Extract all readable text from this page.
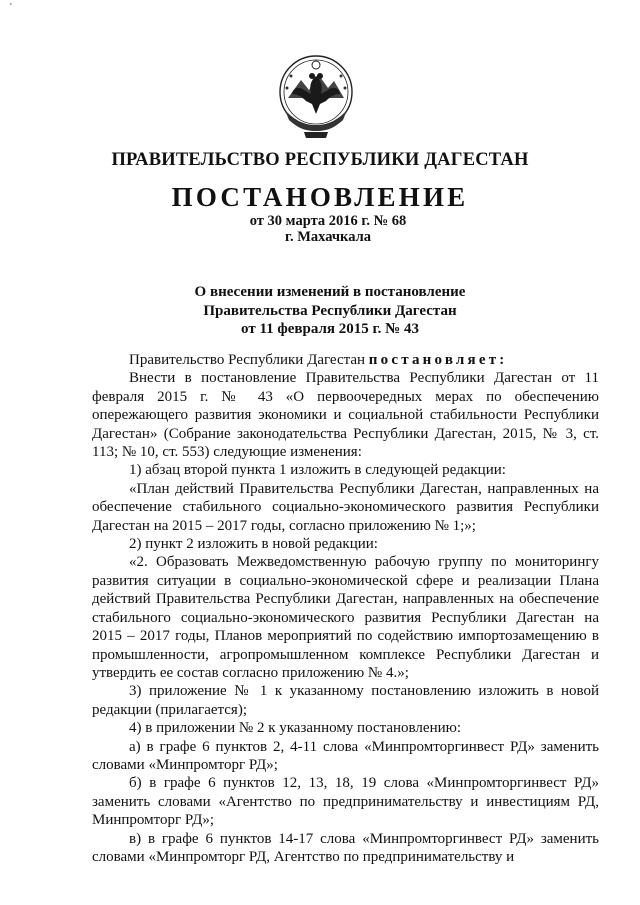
'
ПРАВИТЕЛЬСТВО РЕСПУБЛИКИ ДАГЕСТАН
ПОСТАНОВЛЕНИЕ
от 30 марта 2016 г. № 68
г. Махачкала
О внесении изменений в постановление
Правительства Республики Дагестан
от 11 февраля 2015 г. № 43

Правительство Республики Дагестан постановляет:

Внести в постановление Правительства Республики Дагестан от 11 февраля 2015 г. № 43 «О первоочередных мерах по обеспечению опережающего развития экономики и социальной стабильности Республики Дагестан» (Собрание законодательства Республики Дагестан, 2015, № 3, ст. 113; № 10, ст. 553) следующие изменения:

1) абзац второй пункта 1 изложить в следующей редакции:

«План действий Правительства Республики Дагестан, направленных на обеспечение стабильного социально-экономического развития Республики Дагестан на 2015 – 2017 годы, согласно приложению № 1;»;

2) пункт 2 изложить в новой редакции:

«2. Образовать Межведомственную рабочую группу по мониторингу развития ситуации в социально-экономической сфере и реализации Плана действий Правительства Республики Дагестан, направленных на обеспечение стабильного социально-экономического развития Республики Дагестан на 2015 – 2017 годы, Планов мероприятий по содействию импортозамещению в промышленности, агропромышленном комплексе Республики Дагестан и утвердить ее состав согласно приложению № 4.»;

3) приложение № 1 к указанному постановлению изложить в новой редакции (прилагается);

4) в приложении № 2 к указанному постановлению:

а) в графе 6 пунктов 2, 4-11 слова «Минпромторгинвест РД» заменить словами «Минпромторг РД»;

б) в графе 6 пунктов 12, 13, 18, 19 слова «Минпромторгинвест РД» заменить словами «Агентство по предпринимательству и инвестициям РД, Минпромторг РД»;

в) в графе 6 пунктов 14-17 слова «Минпромторгинвест РД» заменить словами «Минпромторг РД, Агентство по предпринимательству и
